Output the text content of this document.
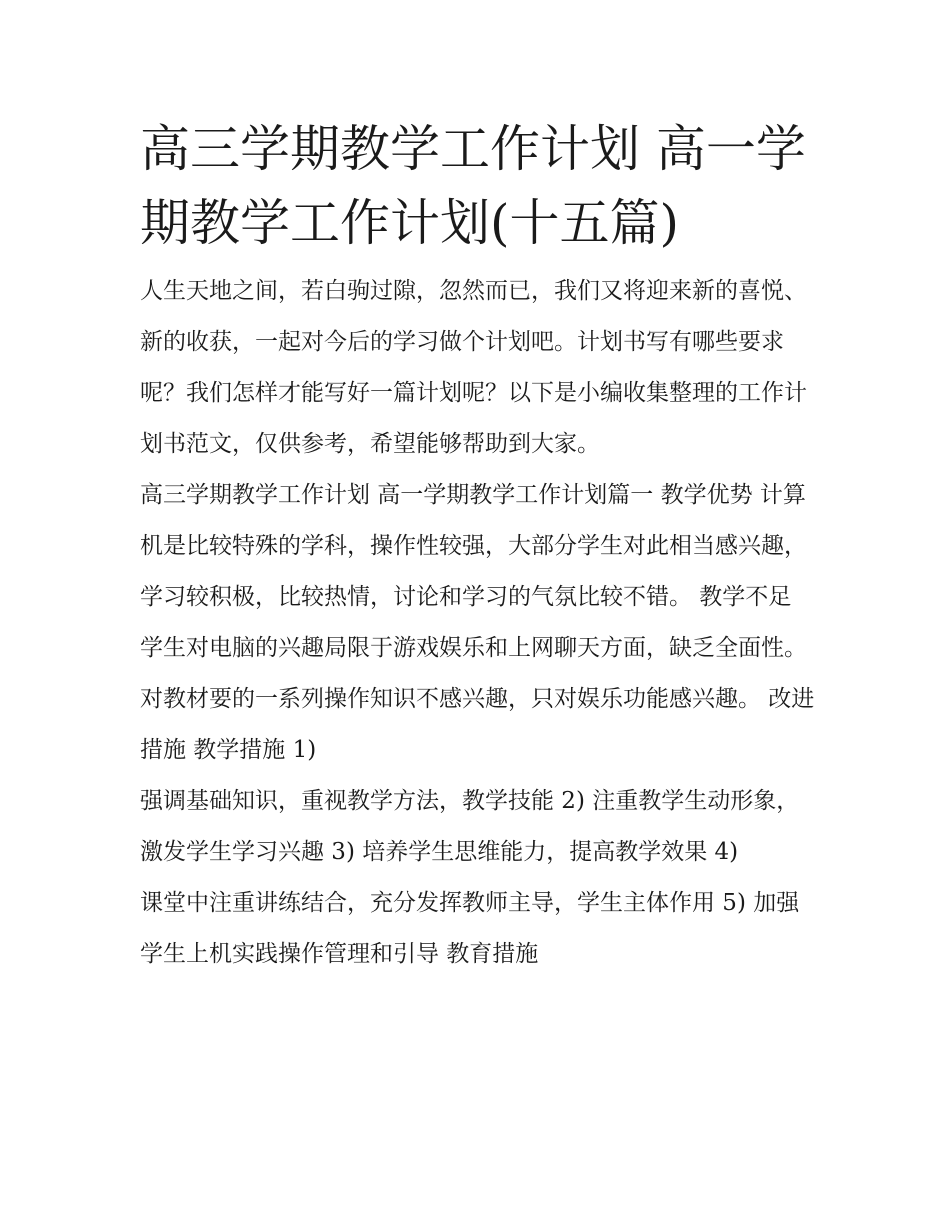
高三学期教学工作计划 高一学期教学工作计划(十五篇)

人生天地之间，若白驹过隙，忽然而已，我们又将迎来新的喜悦、新的收获，一起对今后的学习做个计划吧。计划书写有哪些要求呢？我们怎样才能写好一篇计划呢？以下是小编收集整理的工作计划书范文，仅供参考，希望能够帮助到大家。

高三学期教学工作计划 高一学期教学工作计划篇一 教学优势 计算机是比较特殊的学科，操作性较强，大部分学生对此相当感兴趣，学习较积极，比较热情，讨论和学习的气氛比较不错。 教学不足

学生对电脑的兴趣局限于游戏娱乐和上网聊天方面，缺乏全面性。对教材要的一系列操作知识不感兴趣，只对娱乐功能感兴趣。 改进措施 教学措施 1)

强调基础知识，重视教学方法，教学技能 2) 注重教学生动形象，激发学生学习兴趣 3) 培养学生思维能力，提高教学效果 4)

课堂中注重讲练结合，充分发挥教师主导，学生主体作用 5) 加强学生上机实践操作管理和引导 教育措施
